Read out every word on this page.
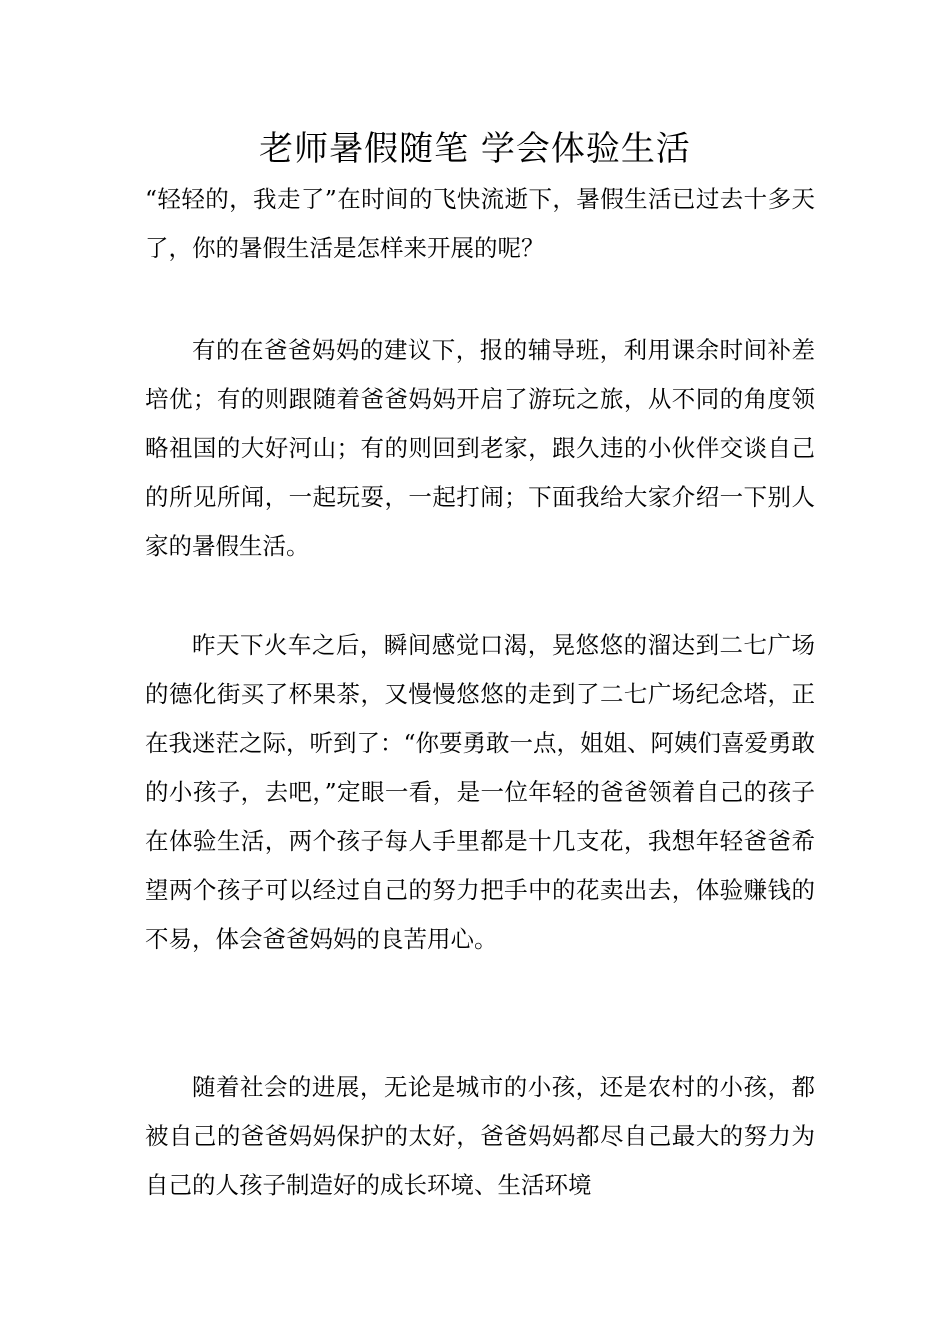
老师暑假随笔 学会体验生活

“轻轻的，我走了”在时间的飞快流逝下，暑假生活已过去十多天了，你的暑假生活是怎样来开展的呢？

有的在爸爸妈妈的建议下，报的辅导班，利用课余时间补差培优；有的则跟随着爸爸妈妈开启了游玩之旅，从不同的角度领略祖国的大好河山；有的则回到老家，跟久违的小伙伴交谈自己的所见所闻，一起玩耍，一起打闹；下面我给大家介绍一下别人家的暑假生活。

昨天下火车之后，瞬间感觉口渴，晃悠悠的溜达到二七广场的德化街买了杯果茶，又慢慢悠悠的走到了二七广场纪念塔，正在我迷茫之际，听到了：“你要勇敢一点，姐姐、阿姨们喜爱勇敢的小孩子，去吧，”定眼一看，是一位年轻的爸爸领着自己的孩子在体验生活，两个孩子每人手里都是十几支花，我想年轻爸爸希望两个孩子可以经过自己的努力把手中的花卖出去，体验赚钱的不易，体会爸爸妈妈的良苦用心。

随着社会的进展，无论是城市的小孩，还是农村的小孩，都被自己的爸爸妈妈保护的太好，爸爸妈妈都尽自己最大的努力为自己的人孩子制造好的成长环境、生活环境
